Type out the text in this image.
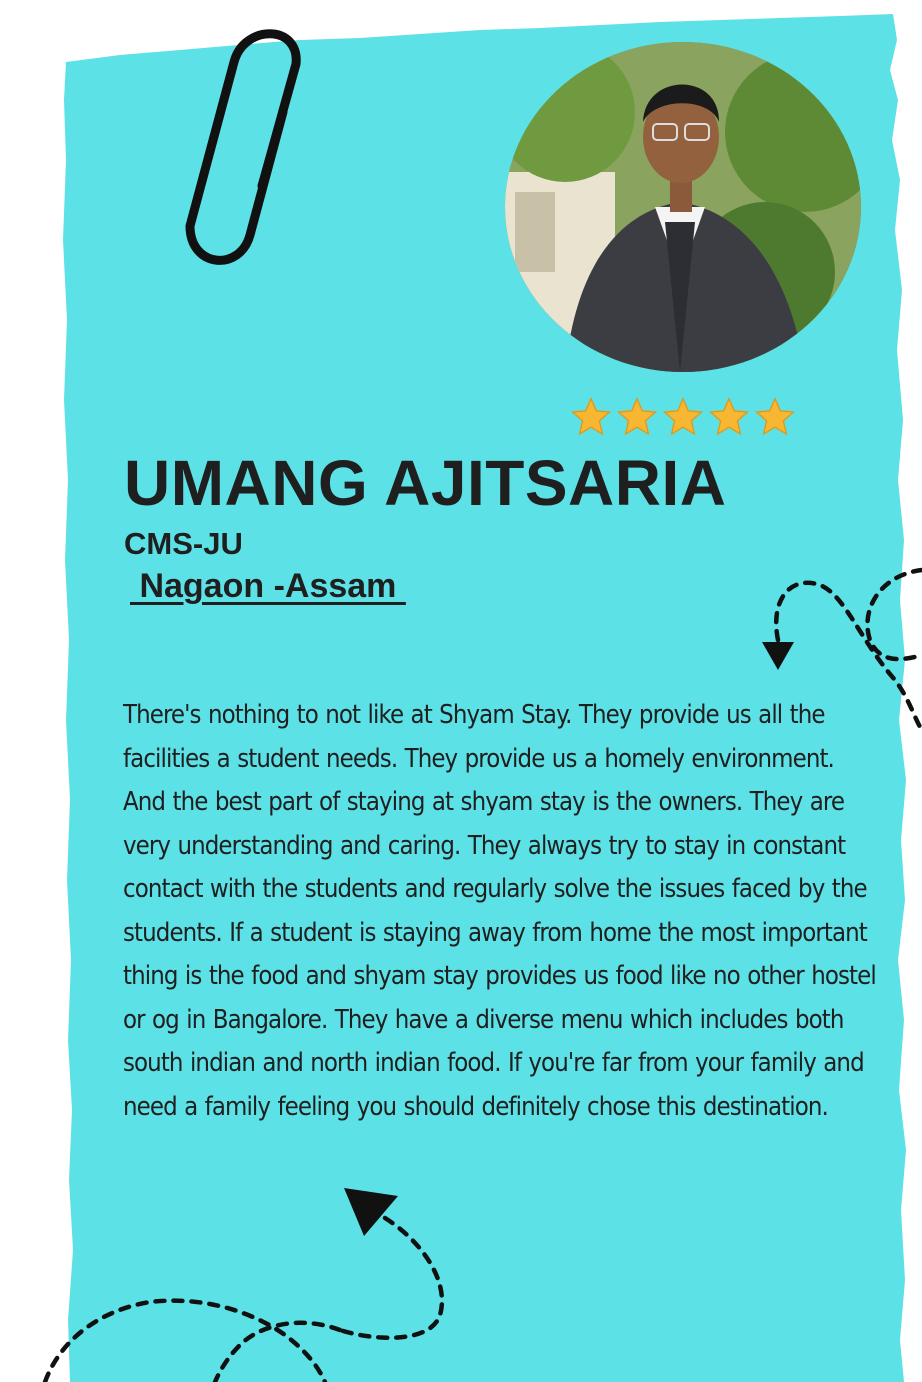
UMANG AJITSARIA
CMS-JU
Nagaon -Assam

There's nothing to not like at Shyam Stay. They provide us all the facilities a student needs. They provide us a homely environment. And the best part of staying at shyam stay is the owners. They are very understanding and caring. They always try to stay in constant contact with the students and regularly solve the issues faced by the students. If a student is staying away from home the most important thing is the food and shyam stay provides us food like no other hostel or og in Bangalore. They have a diverse menu which includes both south indian and north indian food. If you're far from your family and need a family feeling you should definitely chose this destination.
